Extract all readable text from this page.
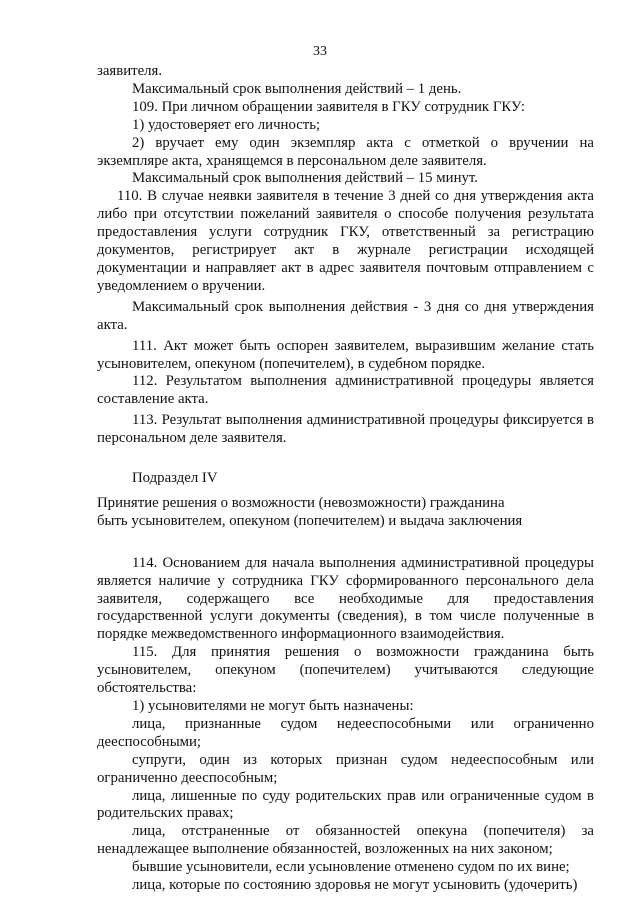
33

заявителя.

Максимальный срок выполнения действий – 1 день.

109. При личном обращении заявителя в ГКУ сотрудник ГКУ:

1) удостоверяет его личность;

2) вручает ему один экземпляр акта с отметкой о вручении на экземпляре акта, хранящемся в персональном деле заявителя.

Максимальный срок выполнения действий – 15 минут.

110. В случае неявки заявителя в течение 3 дней со дня утверждения акта либо при отсутствии пожеланий заявителя о способе получения результата предоставления услуги сотрудник ГКУ, ответственный за регистрацию документов, регистрирует акт в журнале регистрации исходящей документации и направляет акт в адрес заявителя почтовым отправлением с уведомлением о вручении.

Максимальный срок выполнения действия - 3 дня со дня утверждения акта.

111. Акт может быть оспорен заявителем, выразившим желание стать усыновителем, опекуном (попечителем), в судебном порядке.

112. Результатом выполнения административной процедуры является составление акта.

113. Результат выполнения административной процедуры фиксируется в персональном деле заявителя.

Подраздел IV

Принятие решения о возможности (невозможности) гражданина

быть усыновителем, опекуном (попечителем) и выдача заключения

114. Основанием для начала выполнения административной процедуры является наличие у сотрудника ГКУ сформированного персонального дела заявителя, содержащего все необходимые для предоставления государственной услуги документы (сведения), в том числе полученные в порядке межведомственного информационного взаимодействия.

115. Для принятия решения о возможности гражданина быть усыновителем, опекуном (попечителем) учитываются следующие обстоятельства:

1) усыновителями не могут быть назначены:

лица, признанные судом недееспособными или ограниченно дееспособными;

супруги, один из которых признан судом недееспособным или ограниченно дееспособным;

лица, лишенные по суду родительских прав или ограниченные судом в родительских правах;

лица, отстраненные от обязанностей опекуна (попечителя) за ненадлежащее выполнение обязанностей, возложенных на них законом;

бывшие усыновители, если усыновление отменено судом по их вине;

лица, которые по состоянию здоровья не могут усыновить (удочерить)
